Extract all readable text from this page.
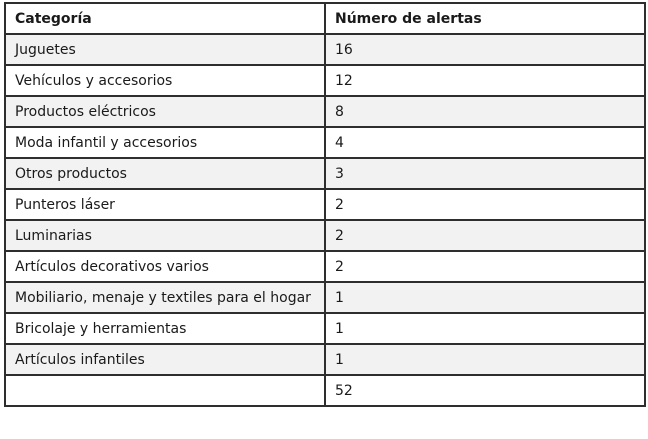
Categoría	Número de alertas
Juguetes	16
Vehículos y accesorios	12
Productos eléctricos	8
Moda infantil y accesorios	4
Otros productos	3
Punteros láser	2
Luminarias	2
Artículos decorativos varios	2
Mobiliario, menaje y textiles para el hogar	1
Bricolaje y herramientas	1
Artículos infantiles	1
	52
